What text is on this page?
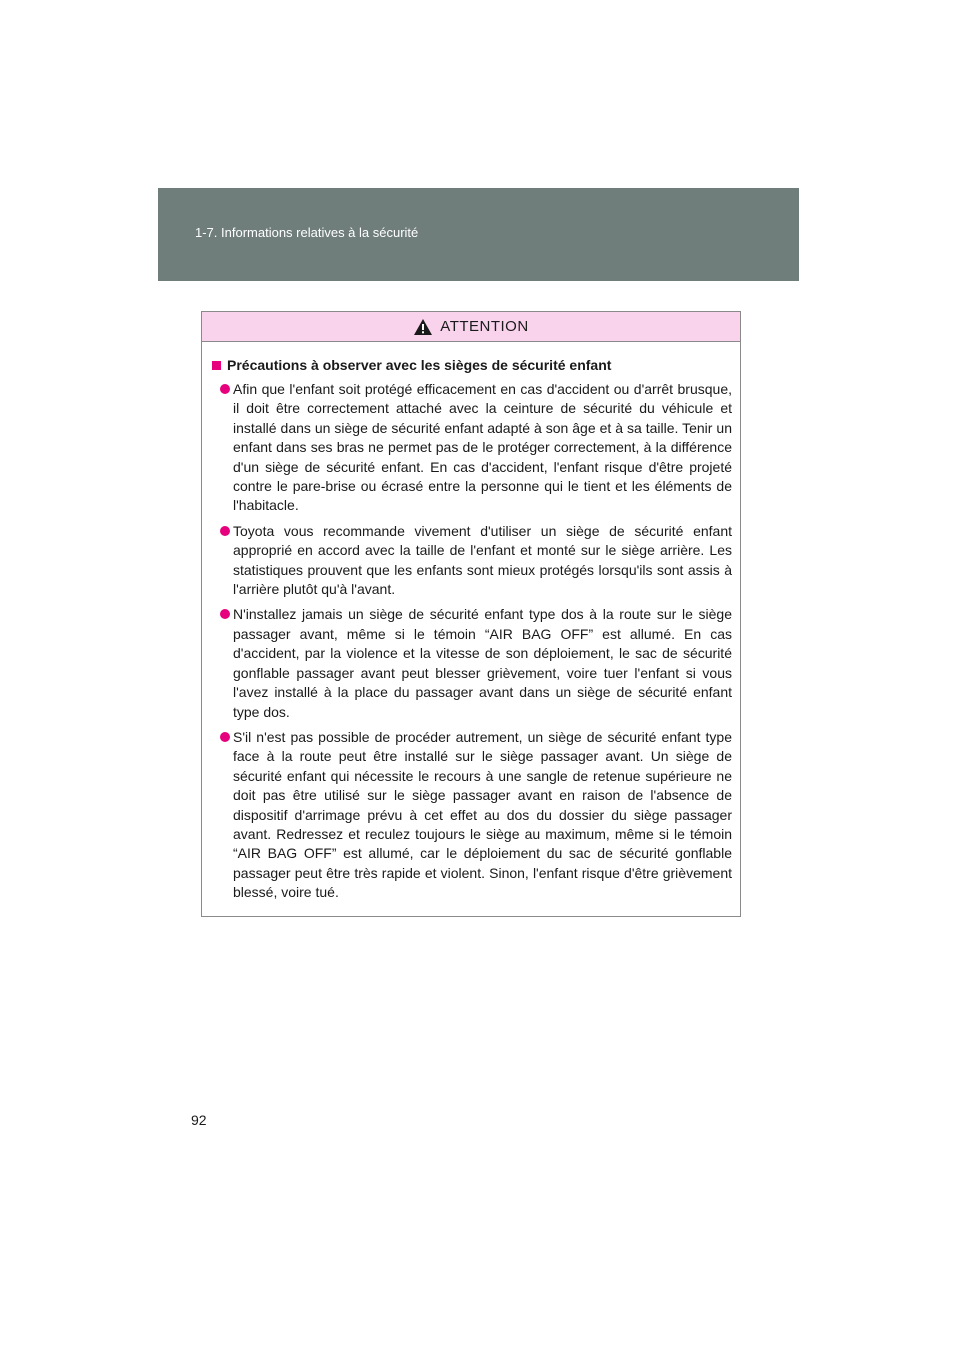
1-7. Informations relatives à la sécurité
ATTENTION
Précautions à observer avec les sièges de sécurité enfant
Afin que l'enfant soit protégé efficacement en cas d'accident ou d'arrêt brusque, il doit être correctement attaché avec la ceinture de sécurité du véhicule et installé dans un siège de sécurité enfant adapté à son âge et à sa taille. Tenir un enfant dans ses bras ne permet pas de le protéger correctement, à la différence d'un siège de sécurité enfant. En cas d'accident, l'enfant risque d'être projeté contre le pare-brise ou écrasé entre la personne qui le tient et les éléments de l'habitacle.
Toyota vous recommande vivement d'utiliser un siège de sécurité enfant approprié en accord avec la taille de l'enfant et monté sur le siège arrière. Les statistiques prouvent que les enfants sont mieux protégés lorsqu'ils sont assis à l'arrière plutôt qu'à l'avant.
N'installez jamais un siège de sécurité enfant type dos à la route sur le siège passager avant, même si le témoin “AIR BAG OFF” est allumé. En cas d'accident, par la violence et la vitesse de son déploiement, le sac de sécurité gonflable passager avant peut blesser grièvement, voire tuer l'enfant si vous l'avez installé à la place du passager avant dans un siège de sécurité enfant type dos.
S'il n'est pas possible de procéder autrement, un siège de sécurité enfant type face à la route peut être installé sur le siège passager avant. Un siège de sécurité enfant qui nécessite le recours à une sangle de retenue supérieure ne doit pas être utilisé sur le siège passager avant en raison de l'absence de dispositif d'arrimage prévu à cet effet au dos du dossier du siège passager avant. Redressez et reculez toujours le siège au maximum, même si le témoin “AIR BAG OFF” est allumé, car le déploiement du sac de sécurité gonflable passager peut être très rapide et violent. Sinon, l'enfant risque d'être grièvement blessé, voire tué.
92
